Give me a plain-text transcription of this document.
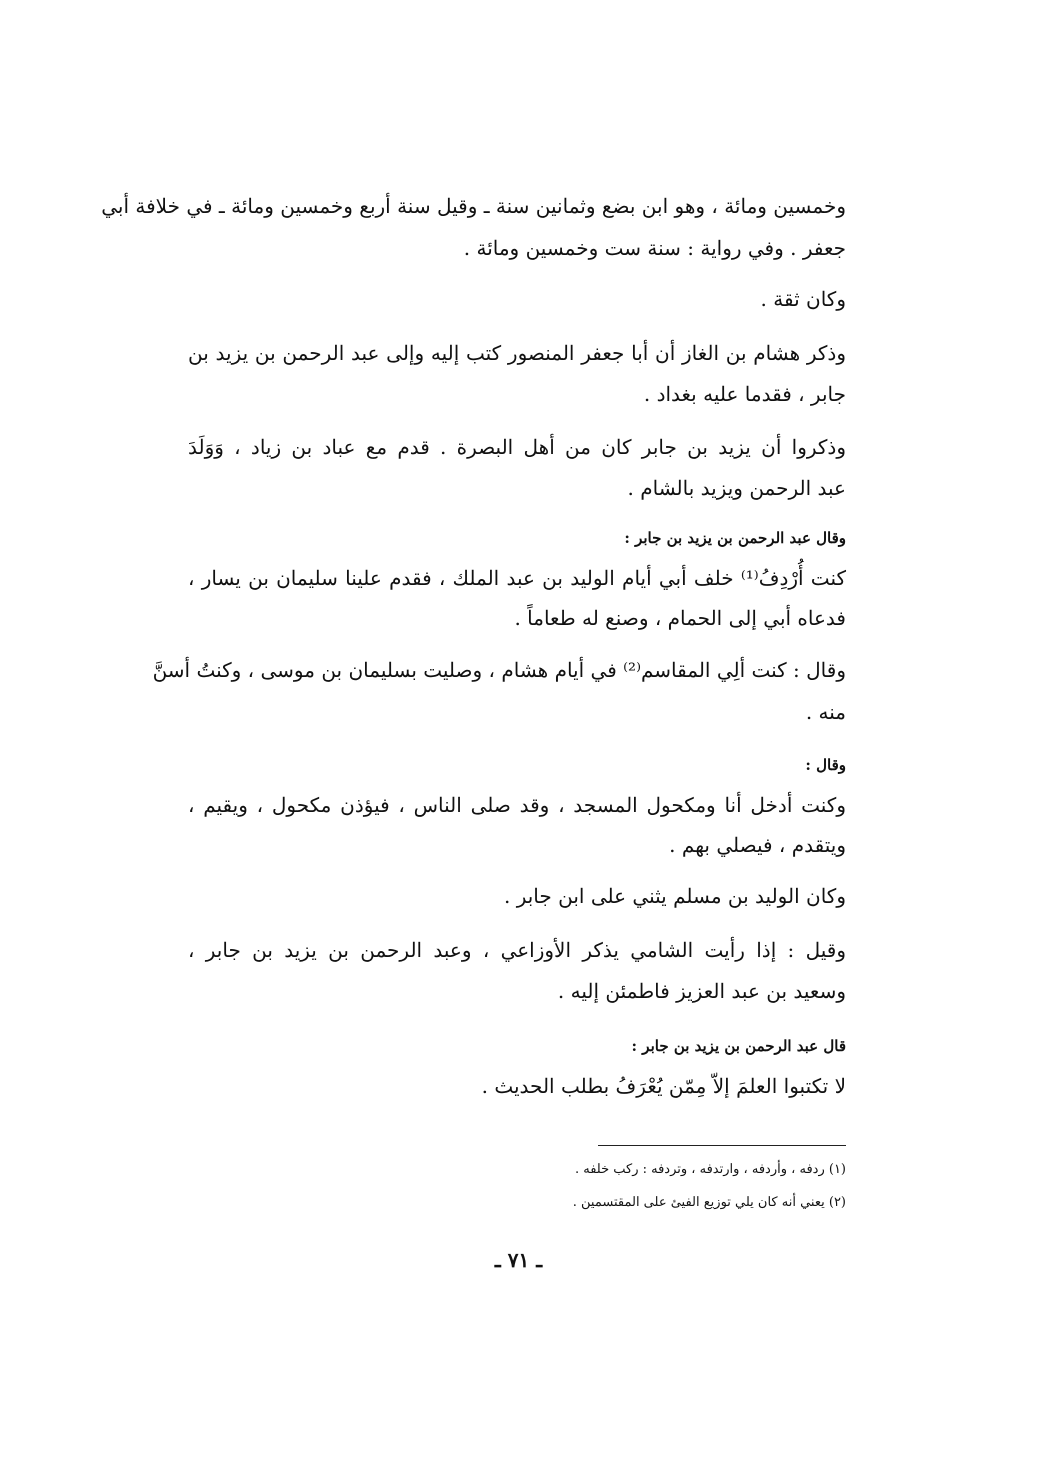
وخمسين ومائة ، وهو ابن بضع وثمانين سنة ـ وقيل سنة أربع وخمسين ومائة ـ في خلافة أبي
جعفر . وفي رواية : سنة ست وخمسين ومائة .
وكان ثقة .
وذكر هشام بن الغاز أن أبا جعفر المنصور كتب إليه وإلى عبد الرحمن بن يزيد بن
جابر ، فقدما عليه بغداد .
وذكروا أن يزيد بن جابر كان من أهل البصرة . قدم مع عباد بن زياد ، وَوَلَدَ
عبد الرحمن ويزيد بالشام .
وقال عبد الرحمن بن يزيد بن جابر :
كنت أُرْدِفُ⁽¹⁾ خلف أبي أيام الوليد بن عبد الملك ، فقدم علينا سليمان بن يسار ،
فدعاه أبي إلى الحمام ، وصنع له طعاماً .
وقال : كنت ألِي المقاسم⁽²⁾ في أيام هشام ، وصليت بسليمان بن موسى ، وكنتُ أسنَّ
منه .
وقال :
وكنت أدخل أنا ومكحول المسجد ، وقد صلى الناس ، فيؤذن مكحول ، ويقيم ،
ويتقدم ، فيصلي بهم .
وكان الوليد بن مسلم يثني على ابن جابر .
وقيل : إذا رأيت الشامي يذكر الأوزاعي ، وعبد الرحمن بن يزيد بن جابر ،
وسعيد بن عبد العزيز فاطمئن إليه .
قال عبد الرحمن بن يزيد بن جابر :
لا تكتبوا العلمَ إلاّ مِمّن يُعْرَفُ بطلب الحديث .
(١) ردفه ، وأردفه ، وارتدفه ، وتردفه : ركب خلفه .
(٢) يعني أنه كان يلي توزيع الفيئ على المقتسمين .
ـ ٧١ ـ
